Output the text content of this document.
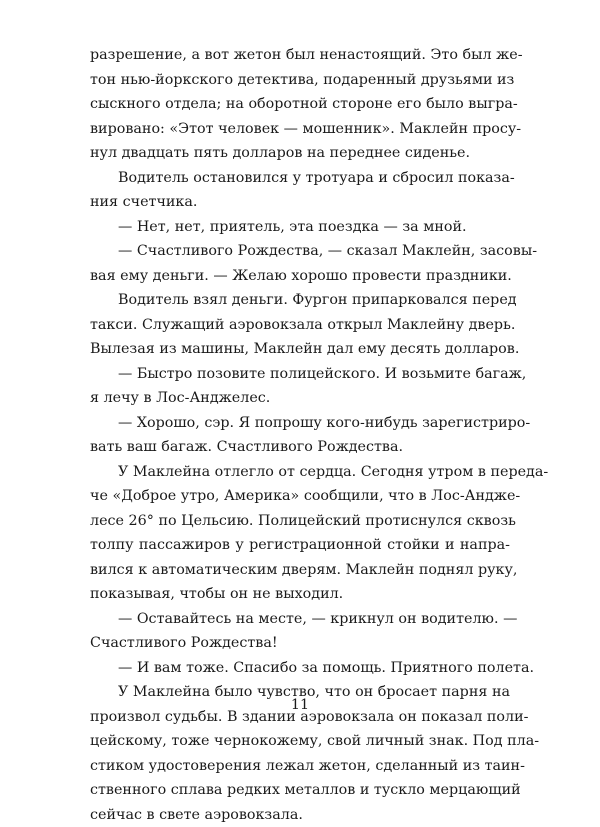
разрешение, а вот жетон был ненастоящий. Это был же-
тон нью-йоркского детектива, подаренный друзьями из
сыскного отдела; на оборотной стороне его было выгра-
вировано: «Этот человек — мошенник». Маклейн просу-
нул двадцать пять долларов на переднее сиденье.
Водитель остановился у тротуара и сбросил показа-
ния счетчика.
— Нет, нет, приятель, эта поездка — за мной.
— Счастливого Рождества, — сказал Маклейн, засовы-
вая ему деньги. — Желаю хорошо провести праздники.
Водитель взял деньги. Фургон припарковался перед
такси. Служащий аэровокзала открыл Маклейну дверь.
Вылезая из машины, Маклейн дал ему десять долларов.
— Быстро позовите полицейского. И возьмите багаж,
я лечу в Лос-Анджелес.
— Хорошо, сэр. Я попрошу кого-нибудь зарегистриро-
вать ваш багаж. Счастливого Рождества.
У Маклейна отлегло от сердца. Сегодня утром в переда-
че «Доброе утро, Америка» сообщили, что в Лос-Андже-
лесе 26° по Цельсию. Полицейский протиснулся сквозь
толпу пассажиров у регистрационной стойки и напра-
вился к автоматическим дверям. Маклейн поднял руку,
показывая, чтобы он не выходил.
— Оставайтесь на месте, — крикнул он водителю. —
Счастливого Рождества!
— И вам тоже. Спасибо за помощь. Приятного полета.
У Маклейна было чувство, что он бросает парня на
произвол судьбы. В здании аэровокзала он показал поли-
цейскому, тоже чернокожему, свой личный знак. Под пла-
стиком удостоверения лежал жетон, сделанный из таин-
ственного сплава редких металлов и тускло мерцающий
сейчас в свете аэровокзала.
11
